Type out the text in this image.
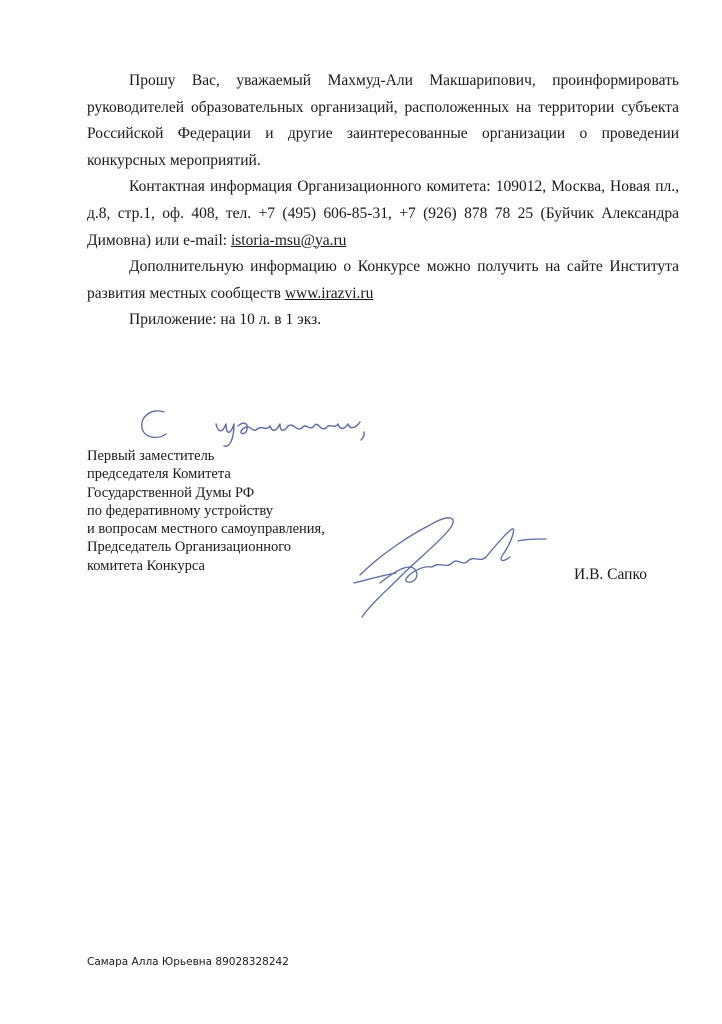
Прошу Вас, уважаемый Махмуд-Али Макшарипович, проинформировать руководителей образовательных организаций, расположенных на территории субъекта Российской Федерации и другие заинтересованные организации о проведении конкурсных мероприятий.

Контактная информация Организационного комитета: 109012, Москва, Новая пл., д.8, стр.1, оф. 408, тел. +7 (495) 606-85-31, +7 (926) 878 78 25 (Буйчик Александра Димовна) или e-mail: istoria-msu@ya.ru

Дополнительную информацию о Конкурсе можно получить на сайте Института развития местных сообществ www.irazvi.ru

Приложение: на 10 л. в 1 экз.

Первый заместитель
председателя Комитета
Государственной Думы РФ
по федеративному устройству
и вопросам местного самоуправления,
Председатель Организационного
комитета Конкурса
И.В. Сапко
Самара Алла Юрьевна 89028328242
